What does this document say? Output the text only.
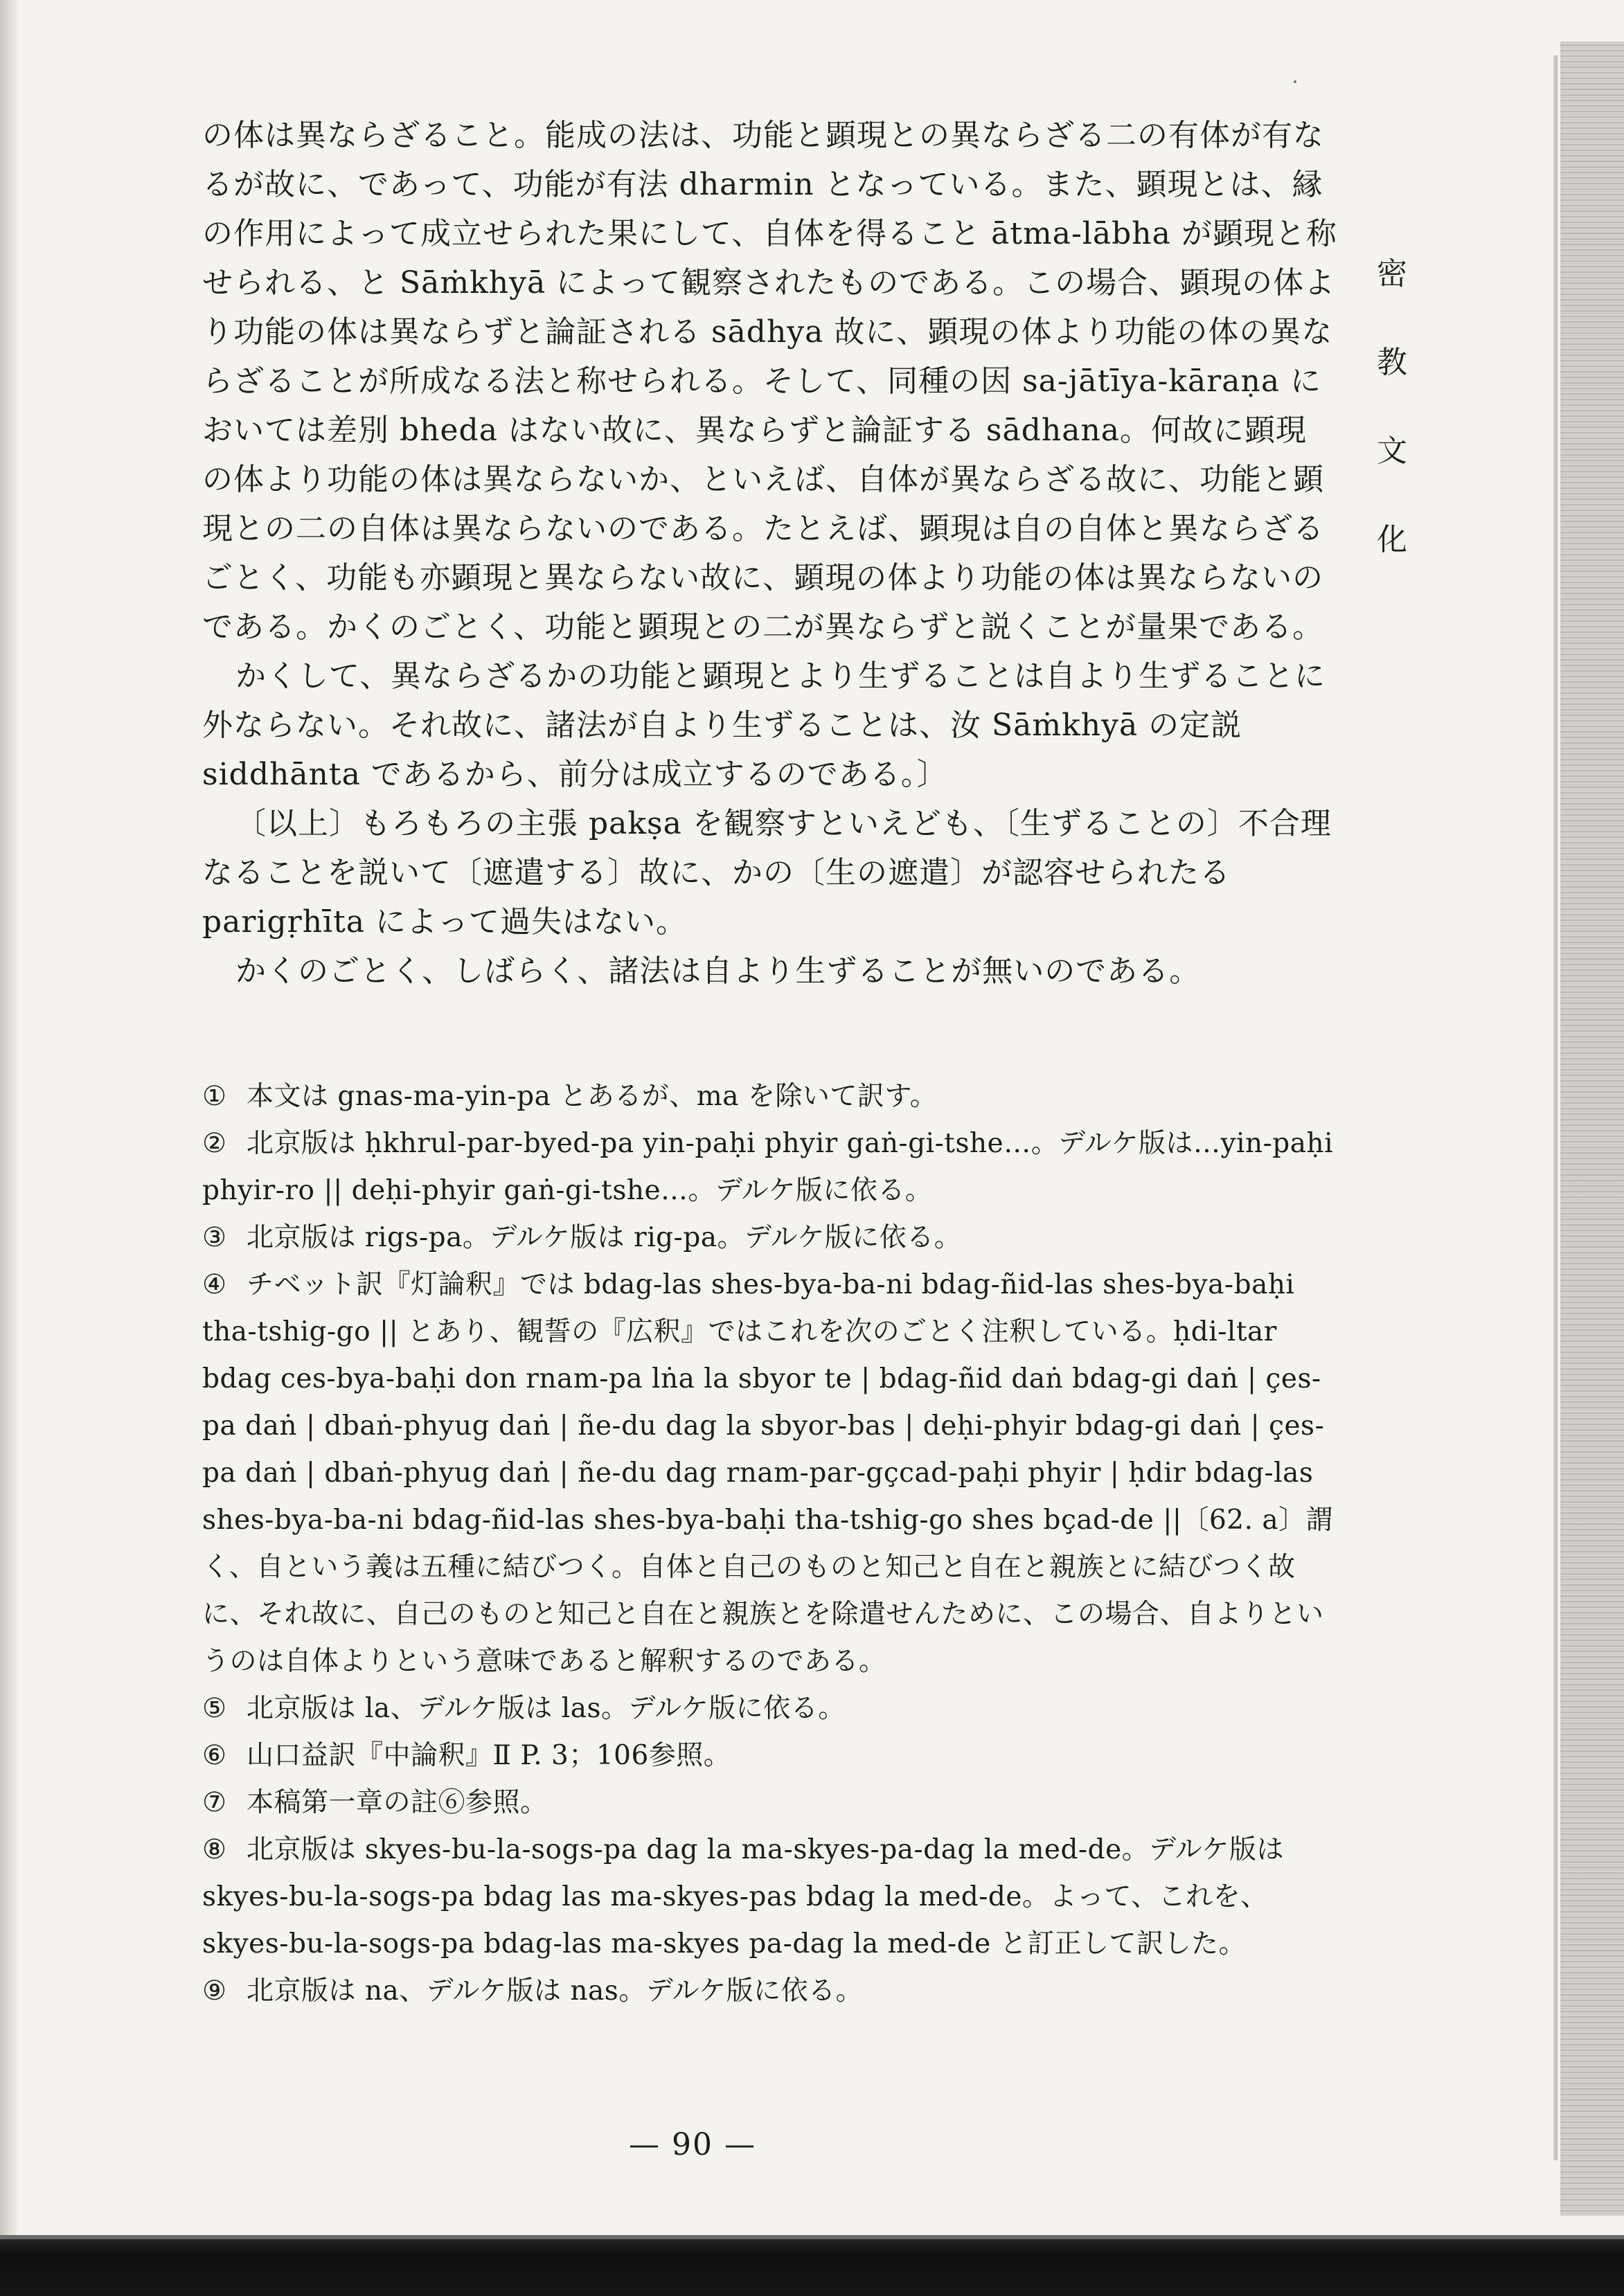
の体は異ならざること。能成の法は、功能と顕現との異ならざる二の有体が有なるが故に、であって、功能が有法 dharmin となっている。また、顕現とは、縁の作用によって成立せられた果にして、自体を得ること ātma-lābha が顕現と称せられる、と Sāṁkhyā によって観察されたものである。この場合、顕現の体より功能の体は異ならずと論証される sādhya 故に、顕現の体より功能の体の異ならざることが所成なる法と称せられる。そして、同種の因 sa-jātīya-kāraṇa においては差別 bheda はない故に、異ならずと論証する sādhana。何故に顕現の体より功能の体は異ならないか、といえば、自体が異ならざる故に、功能と顕現との二の自体は異ならないのである。たとえば、顕現は自の自体と異ならざるごとく、功能も亦顕現と異ならない故に、顕現の体より功能の体は異ならないのである。かくのごとく、功能と顕現との二が異ならずと説くことが量果である。

かくして、異ならざるかの功能と顕現とより生ずることは自より生ずることに外ならない。それ故に、諸法が自より生ずることは、汝 Sāṁkhyā の定説 siddhānta であるから、前分は成立するのである。〕

〔以上〕もろもろの主張 pakṣa を観察すといえども、〔生ずることの〕不合理なることを説いて〔遮遣する〕故に、かの〔生の遮遣〕が認容せられたる parigṛhīta によって過失はない。

かくのごとく、しばらく、諸法は自より生ずることが無いのである。

密
教
文
化

① 本文は gnas-ma-yin-pa とあるが、ma を除いて訳す。

② 北京版は ḥkhrul-par-byed-pa yin-paḥi phyir gaṅ-gi-tshe…。デルケ版は…yin-paḥi phyir-ro || deḥi-phyir gaṅ-gi-tshe…。デルケ版に依る。

③ 北京版は rigs-pa。デルケ版は rig-pa。デルケ版に依る。

④ チベット訳『灯論釈』では bdag-las shes-bya-ba-ni bdag-ñid-las shes-bya-baḥi tha-tshig-go || とあり、観誓の『広釈』ではこれを次のごとく注釈している。ḥdi-ltar bdag ces-bya-baḥi don rnam-pa lṅa la sbyor te | bdag-ñid daṅ bdag-gi daṅ | çes-pa daṅ | dbaṅ-phyug daṅ | ñe-du dag la sbyor-bas | deḥi-phyir bdag-gi daṅ | çes-pa daṅ | dbaṅ-phyug daṅ | ñe-du dag rnam-par-gçcad-paḥi phyir | ḥdir bdag-las shes-bya-ba-ni bdag-ñid-las shes-bya-baḥi tha-tshig-go shes bçad-de ||〔62. a〕謂く、自という義は五種に結びつく。自体と自己のものと知己と自在と親族とに結びつく故に、それ故に、自己のものと知己と自在と親族とを除遣せんために、この場合、自よりというのは自体よりという意味であると解釈するのである。

⑤ 北京版は la、デルケ版は las。デルケ版に依る。

⑥ 山口益訳『中論釈』Ⅱ P. 3；106参照。

⑦ 本稿第一章の註⑥参照。

⑧ 北京版は skyes-bu-la-sogs-pa dag la ma-skyes-pa-dag la med-de。デルケ版は skyes-bu-la-sogs-pa bdag las ma-skyes-pas bdag la med-de。よって、これを、skyes-bu-la-sogs-pa bdag-las ma-skyes pa-dag la med-de と訂正して訳した。

⑨ 北京版は na、デルケ版は nas。デルケ版に依る。

— 90 —
